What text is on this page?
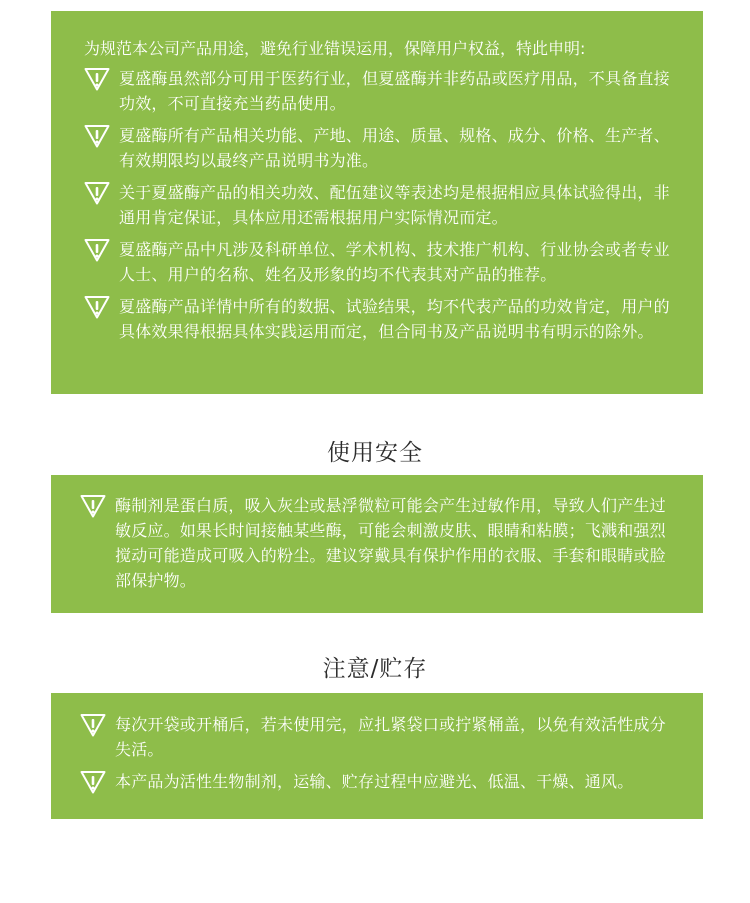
为规范本公司产品用途，避免行业错误运用，保障用户权益，特此申明:

夏盛酶虽然部分可用于医药行业，但夏盛酶并非药品或医疗用品，不具备直接功效，不可直接充当药品使用。
夏盛酶所有产品相关功能、产地、用途、质量、规格、成分、价格、生产者、有效期限均以最终产品说明书为准。
关于夏盛酶产品的相关功效、配伍建议等表述均是根据相应具体试验得出，非通用肯定保证，具体应用还需根据用户实际情况而定。
夏盛酶产品中凡涉及科研单位、学术机构、技术推广机构、行业协会或者专业人士、用户的名称、姓名及形象的均不代表其对产品的推荐。
夏盛酶产品详情中所有的数据、试验结果，均不代表产品的功效肯定，用户的具体效果得根据具体实践运用而定，但合同书及产品说明书有明示的除外。
使用安全
酶制剂是蛋白质，吸入灰尘或悬浮微粒可能会产生过敏作用，导致人们产生过敏反应。如果长时间接触某些酶，可能会刺激皮肤、眼睛和粘膜；飞溅和强烈搅动可能造成可吸入的粉尘。建议穿戴具有保护作用的衣服、手套和眼睛或脸部保护物。
注意/贮存
每次开袋或开桶后，若未使用完，应扎紧袋口或拧紧桶盖，以免有效活性成分失活。
本产品为活性生物制剂，运输、贮存过程中应避光、低温、干燥、通风。
